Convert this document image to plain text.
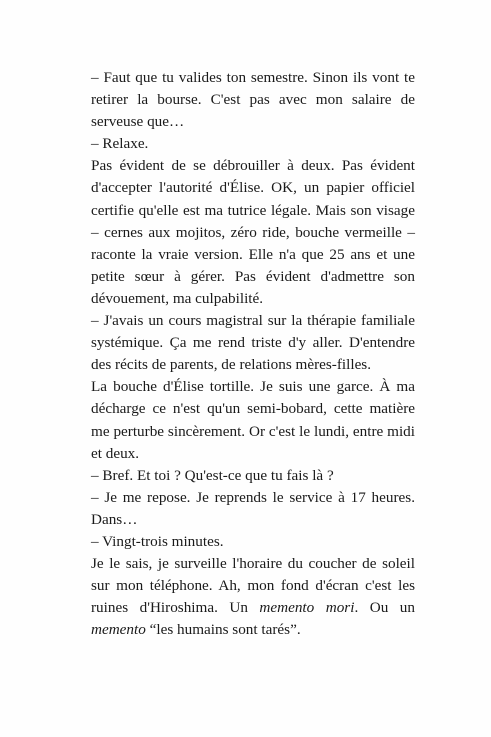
– Faut que tu valides ton semestre. Sinon ils vont te retirer la bourse. C'est pas avec mon salaire de serveuse que…

– Relaxe.

Pas évident de se débrouiller à deux. Pas évident d'accepter l'autorité d'Élise. OK, un papier officiel certifie qu'elle est ma tutrice légale. Mais son visage – cernes aux mojitos, zéro ride, bouche vermeille – raconte la vraie version. Elle n'a que 25 ans et une petite sœur à gérer. Pas évident d'admettre son dévouement, ma culpabilité.

– J'avais un cours magistral sur la thérapie familiale systémique. Ça me rend triste d'y aller. D'entendre des récits de parents, de relations mères-filles.

La bouche d'Élise tortille. Je suis une garce. À ma décharge ce n'est qu'un semi-bobard, cette matière me perturbe sincèrement. Or c'est le lundi, entre midi et deux.

– Bref. Et toi ? Qu'est-ce que tu fais là ?

– Je me repose. Je reprends le service à 17 heures. Dans…

– Vingt-trois minutes.

Je le sais, je surveille l'horaire du coucher de soleil sur mon téléphone. Ah, mon fond d'écran c'est les ruines d'Hiroshima. Un memento mori. Ou un memento “les humains sont tarés”.
